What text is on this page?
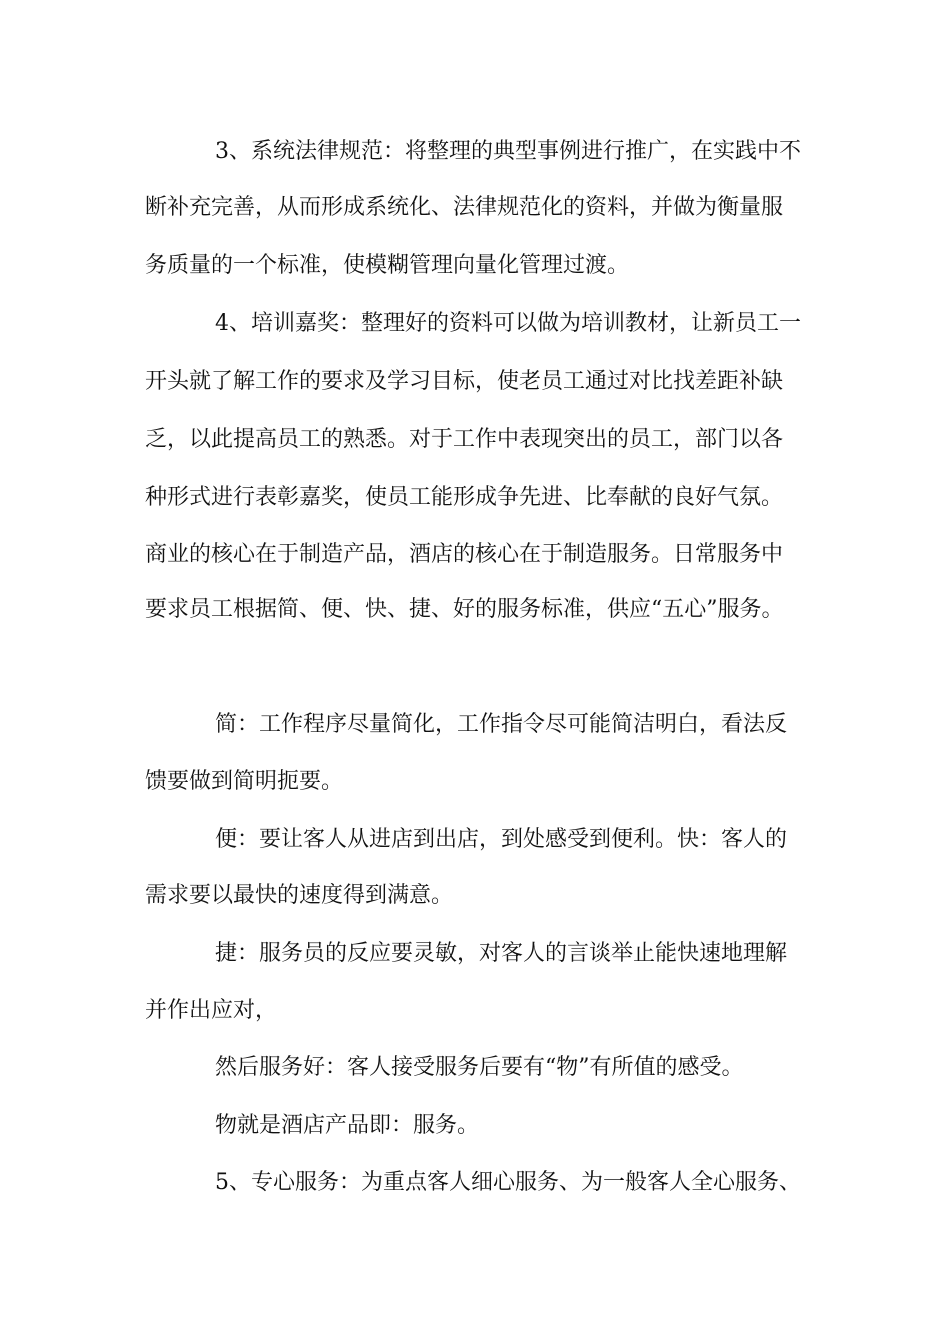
3、系统法律规范：将整理的典型事例进行推广，在实践中不
断补充完善，从而形成系统化、法律规范化的资料，并做为衡量服
务质量的一个标准，使模糊管理向量化管理过渡。
4、培训嘉奖：整理好的资料可以做为培训教材，让新员工一
开头就了解工作的要求及学习目标，使老员工通过对比找差距补缺
乏，以此提高员工的熟悉。对于工作中表现突出的员工，部门以各
种形式进行表彰嘉奖，使员工能形成争先进、比奉献的良好气氛。
商业的核心在于制造产品，酒店的核心在于制造服务。日常服务中
要求员工根据简、便、快、捷、好的服务标准，供应“五心”服务。
简：工作程序尽量简化，工作指令尽可能简洁明白，看法反
馈要做到简明扼要。
便：要让客人从进店到出店，到处感受到便利。快：客人的
需求要以最快的速度得到满意。
捷：服务员的反应要灵敏，对客人的言谈举止能快速地理解
并作出应对，
然后服务好：客人接受服务后要有“物”有所值的感受。
物就是酒店产品即：服务。
5、专心服务：为重点客人细心服务、为一般客人全心服务、
